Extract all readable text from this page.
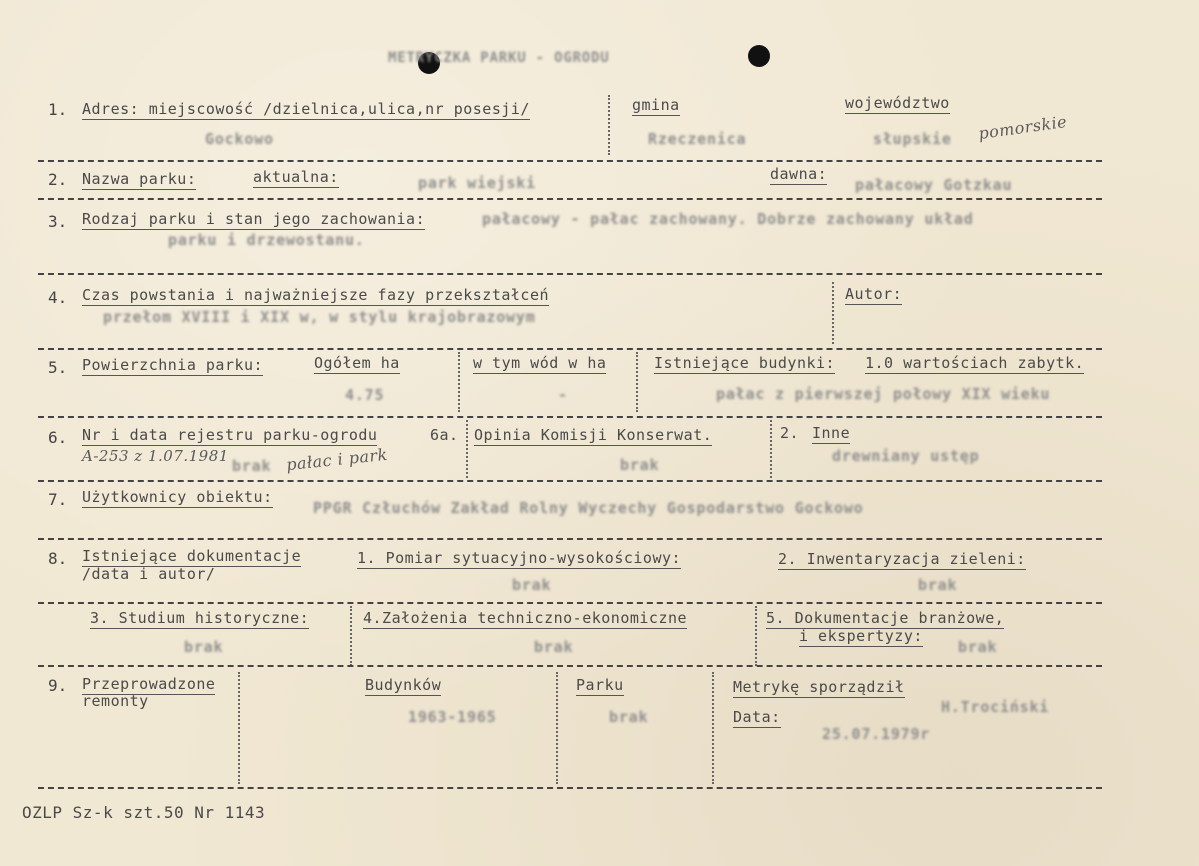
METRYCZKA PARKU - OGRODU
1. Adres: miejscowość /dzielnica,ulica,nr posesji/
Gockowo
gmina
Rzeczenica
województwo
słupskie pomorskie
2. Nazwa parku:	aktualna:	park wiejski	dawna:
pałacowy Gotzkau
3. Rodzaj parku i stan jego zachowania:	pałacowy - pałac zachowany. Dobrze zachowany układ
parku i drzewostanu.
4. Czas powstania i najważniejsze fazy przekształceń
przełom XVIII i XIX w, w stylu krajobrazowym
Autor:
5. Powierzchnia parku:	Ogółem ha
4.75
w tym wód w ha
-
Istniejące budynki: 1.0 wartościach zabytk.
pałac z pierwszej połowy XIX wieku
6. Nr i data rejestru parku-ogrodu
A-253 z 1.07.1981
brak pałac i park
6a. Opinia Komisji Konserwat.
brak
2. Inne
drewniany ustęp
7. Użytkownicy obiektu:
PPGR Człuchów Zakład Rolny Wyczechy Gospodarstwo Gockowo
8. Istniejące dokumentacje
/data i autor/
1. Pomiar sytuacyjno-wysokościowy:
brak
2. Inwentaryzacja zieleni:
brak
3. Studium historyczne:
brak
4.Założenia techniczno-ekonomiczne
brak
5. Dokumentacje branżowe,
i ekspertyzy:
brak
9. Przeprowadzone
remonty
Budynków
1963-1965
Parku
brak
Metrykę sporządził
H.Trociński
Data:
25.07.1979r
OZLP Sz-k szt.50 Nr 1143
